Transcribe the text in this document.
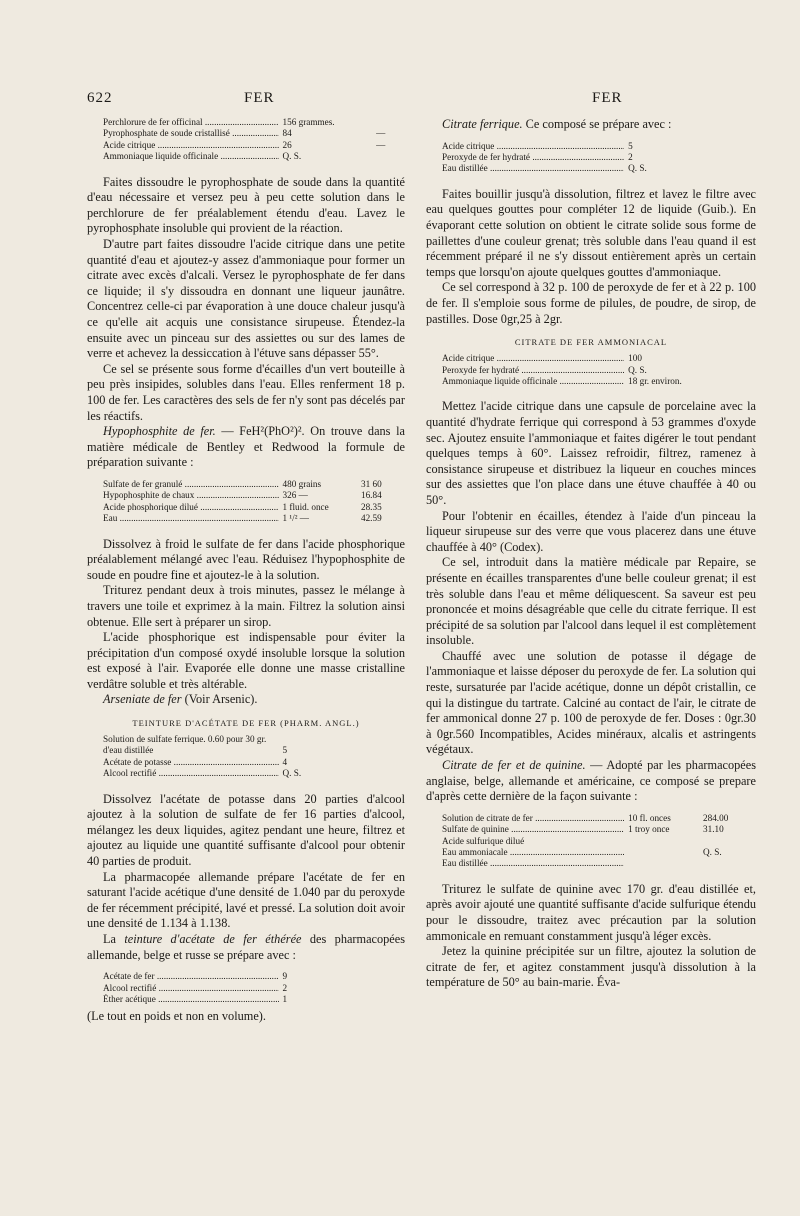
622	FER	FER
Perchlorure de fer officinal .....	156 grammes.	
Pyrophosphate de soude cristallisé .....	84	—
Acide citrique .....	26	—
Ammoniaque liquide officinale .....	Q. S.	

Faites dissoudre le pyrophosphate de soude dans la quantité d'eau nécessaire et versez peu à peu cette solution dans le perchlorure de fer préalablement étendu d'eau. Lavez le pyrophosphate insoluble qui provient de la réaction.

D'autre part faites dissoudre l'acide citrique dans une petite quantité d'eau et ajoutez-y assez d'ammoniaque pour former un citrate avec excès d'alcali. Versez le pyrophosphate de fer dans ce liquide; il s'y dissoudra en donnant une liqueur jaunâtre. Concentrez celle-ci par évaporation à une douce chaleur jusqu'à ce qu'elle ait acquis une consistance sirupeuse. Étendez-la ensuite avec un pinceau sur des assiettes ou sur des lames de verre et achevez la dessiccation à l'étuve sans dépasser 55°.

Ce sel se présente sous forme d'écailles d'un vert bouteille à peu près insipides, solubles dans l'eau. Elles renferment 18 p. 100 de fer. Les caractères des sels de fer n'y sont pas décelés par les réactifs.

Hypophosphite de fer. — FeH²(PhO²)². On trouve dans la matière médicale de Bentley et Redwood la formule de préparation suivante :

Sulfate de fer granulé .....	480 grains	31 60
Hypophosphite de chaux .....	326 —	16.84
Acide phosphorique dilué .....	1 fluid. once	28.35
Eau .....	1 ¹/² —	42.59

Dissolvez à froid le sulfate de fer dans l'acide phosphorique préalablement mélangé avec l'eau. Réduisez l'hypophosphite de soude en poudre fine et ajoutez-le à la solution.

Triturez pendant deux à trois minutes, passez le mélange à travers une toile et exprimez à la main. Filtrez la solution ainsi obtenue. Elle sert à préparer un sirop.

L'acide phosphorique est indispensable pour éviter la précipitation d'un composé oxydé insoluble lorsque la solution est exposé à l'air. Evaporée elle donne une masse cristalline verdâtre soluble et très altérable.

Arseniate de fer (Voir Arsenic).

TEINTURE D'ACÉTATE DE FER (PHARM. ANGL.)
Solution de sulfate ferrique. 0.60 pour 30 gr. d'eau distillée	5
Acétate de potasse .....	4
Alcool rectifié .....	Q. S.

Dissolvez l'acétate de potasse dans 20 parties d'alcool ajoutez à la solution de sulfate de fer 16 parties d'alcool, mélangez les deux liquides, agitez pendant une heure, filtrez et ajoutez au liquide une quantité suffisante d'alcool pour obtenir 40 parties de produit.

La pharmacopée allemande prépare l'acétate de fer en saturant l'acide acétique d'une densité de 1.040 par du peroxyde de fer récemment précipité, lavé et pressé. La solution doit avoir une densité de 1.134 à 1.138.

La teinture d'acétate de fer éthérée des pharmacopées allemande, belge et russe se prépare avec :

Acétate de fer .....	9
Alcool rectifié .....	2
Éther acétique .....	1

(Le tout en poids et non en volume).

Citrate ferrique. Ce composé se prépare avec :

Acide citrique .....	5
Peroxyde de fer hydraté .....	2
Eau distillée .....	Q. S.

Faites bouillir jusqu'à dissolution, filtrez et lavez le filtre avec eau quelques gouttes pour compléter 12 de liquide (Guib.). En évaporant cette solution on obtient le citrate solide sous forme de paillettes d'une couleur grenat; très soluble dans l'eau quand il est récemment préparé il ne s'y dissout entièrement après un certain temps que lorsqu'on ajoute quelques gouttes d'ammoniaque.

Ce sel correspond à 32 p. 100 de peroxyde de fer et à 22 p. 100 de fer. Il s'emploie sous forme de pilules, de poudre, de sirop, de pastilles. Dose 0gr,25 à 2gr.

CITRATE DE FER AMMONIACAL
Acide citrique .....	100
Peroxyde fer hydraté .....	Q. S.
Ammoniaque liquide officinale .....	18 gr. environ.

Mettez l'acide citrique dans une capsule de porcelaine avec la quantité d'hydrate ferrique qui correspond à 53 grammes d'oxyde sec. Ajoutez ensuite l'ammoniaque et faites digérer le tout pendant quelques temps à 60°. Laissez refroidir, filtrez, ramenez à consistance sirupeuse et distribuez la liqueur en couches minces sur des assiettes que l'on place dans une étuve chauffée à 40 ou 50°.

Pour l'obtenir en écailles, étendez à l'aide d'un pinceau la liqueur sirupeuse sur des verre que vous placerez dans une étuve chauffée à 40° (Codex).

Ce sel, introduit dans la matière médicale par Repaire, se présente en écailles transparentes d'une belle couleur grenat; il est très soluble dans l'eau et même déliquescent. Sa saveur est peu prononcée et moins désagréable que celle du citrate ferrique. Il est précipité de sa solution par l'alcool dans lequel il est complètement insoluble.

Chauffé avec une solution de potasse il dégage de l'ammoniaque et laisse déposer du peroxyde de fer. La solution qui reste, sursaturée par l'acide acétique, donne un dépôt cristallin, ce qui la distingue du tartrate. Calciné au contact de l'air, le citrate de fer ammonical donne 27 p. 100 de peroxyde de fer. Doses : 0gr.30 à 0gr.560 Incompatibles, Acides minéraux, alcalis et astringents végétaux.

Citrate de fer et de quinine. — Adopté par les pharmacopées anglaise, belge, allemande et américaine, ce composé se prepare d'après cette dernière de la façon suivante :

Solution de citrate de fer .....	10 fl. onces	284.00
Sulfate de quinine .....	1 troy once	31.10
Acide sulfurique dilué		
Eau ammoniacale .....		Q. S.
Eau distillée .....		

Triturez le sulfate de quinine avec 170 gr. d'eau distillée et, après avoir ajouté une quantité suffisante d'acide sulfurique étendu pour le dissoudre, traitez avec précaution par la solution ammonicale en remuant constamment jusqu'à léger excès.

Jetez la quinine précipitée sur un filtre, ajoutez la solution de citrate de fer, et agitez constamment jusqu'à dissolution à la température de 50° au bain-marie. Éva-
